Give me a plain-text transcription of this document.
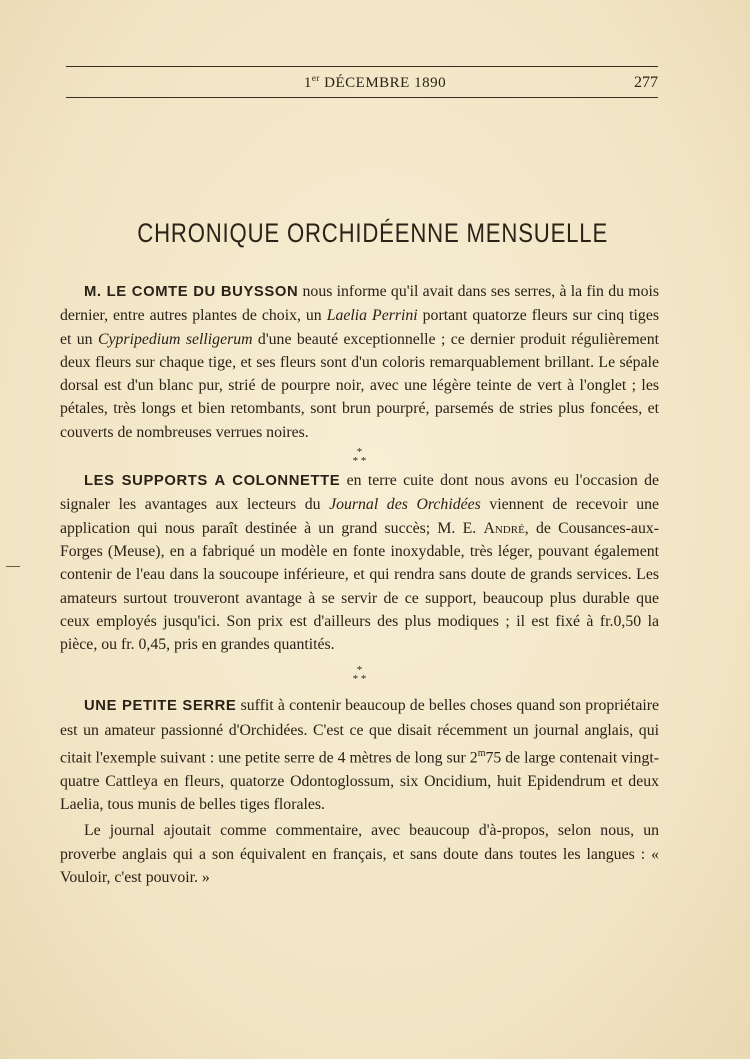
1er DÉCEMBRE 1890	277
CHRONIQUE ORCHIDÉENNE MENSUELLE

M. LE COMTE DU BUYSSON nous informe qu'il avait dans ses serres, à la fin du mois dernier, entre autres plantes de choix, un Laelia Perrini portant quatorze fleurs sur cinq tiges et un Cypripedium selligerum d'une beauté exceptionnelle ; ce dernier produit régulièrement deux fleurs sur chaque tige, et ses fleurs sont d'un coloris remarquablement brillant. Le sépale dorsal est d'un blanc pur, strié de pourpre noir, avec une légère teinte de vert à l'onglet ; les pétales, très longs et bien retombants, sont brun pourpré, parsemés de stries plus foncées, et couverts de nombreuses verrues noires.

*
* *

LES SUPPORTS A COLONNETTE en terre cuite dont nous avons eu l'occasion de signaler les avantages aux lecteurs du Journal des Orchidées viennent de recevoir une application qui nous paraît destinée à un grand succès; M. E. André, de Cousances-aux-Forges (Meuse), en a fabriqué un modèle en fonte inoxydable, très léger, pouvant également contenir de l'eau dans la soucoupe inférieure, et qui rendra sans doute de grands services. Les amateurs surtout trouveront avantage à se servir de ce support, beaucoup plus durable que ceux employés jusqu'ici. Son prix est d'ailleurs des plus modiques ; il est fixé à fr.0,50 la pièce, ou fr. 0,45, pris en grandes quantités.

*
* *

UNE PETITE SERRE suffit à contenir beaucoup de belles choses quand son propriétaire est un amateur passionné d'Orchidées. C'est ce que disait récemment un journal anglais, qui citait l'exemple suivant : une petite serre de 4 mètres de long sur 2$^m$75 de large contenait vingt-quatre Cattleya en fleurs, quatorze Odontoglossum, six Oncidium, huit Epidendrum et deux Laelia, tous munis de belles tiges florales.

Le journal ajoutait comme commentaire, avec beaucoup d'à-propos, selon nous, un proverbe anglais qui a son équivalent en français, et sans doute dans toutes les langues : « Vouloir, c'est pouvoir. »
